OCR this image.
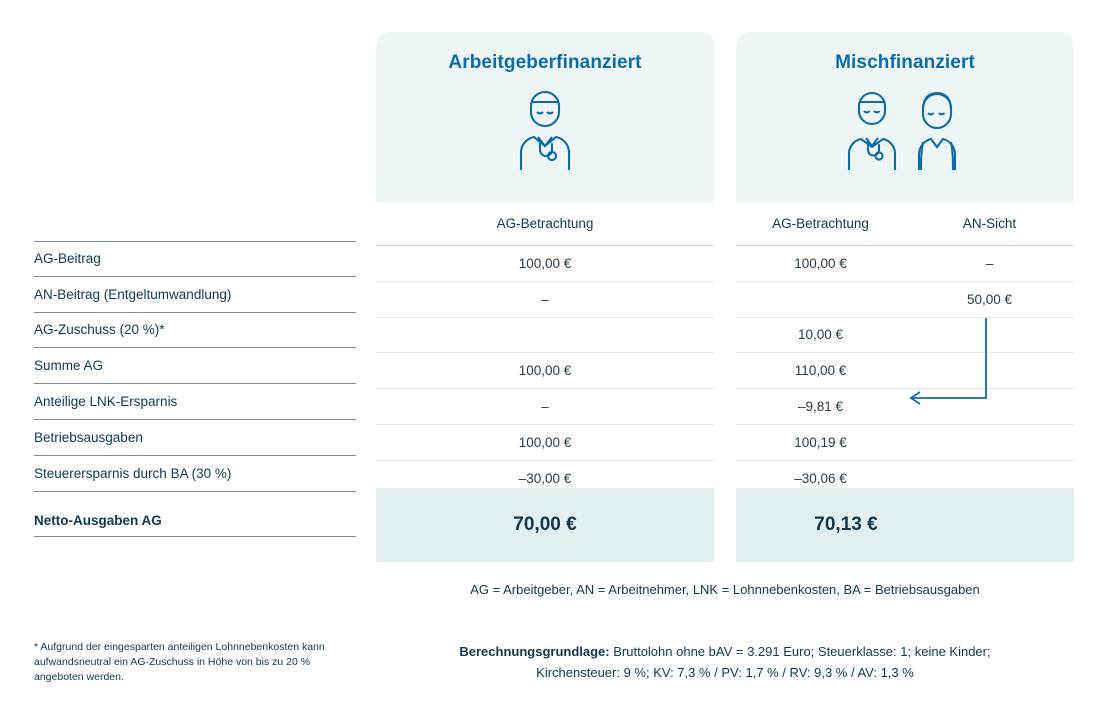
Arbeitgeberfinanziert
AG-Betrachtung
100,00 €
–
100,00 €
–
100,00 €
–30,00 €
70,00 €
Mischfinanziert
AG-Betrachtung	AN-Sicht
100,00 €	–
50,00 €
10,00 €
110,00 €
–9,81 €
100,19 €
–30,06 €
70,13 €
AG-Beitrag
AN-Beitrag (Entgeltumwandlung)
AG-Zuschuss (20 %)*
Summe AG
Anteilige LNK-Ersparnis
Betriebsausgaben
Steuerersparnis durch BA (30 %)
Netto-Ausgaben AG
AG = Arbeitgeber, AN = Arbeitnehmer, LNK = Lohnnebenkosten, BA = Betriebsausgaben
* Aufgrund der eingesparten anteiligen Lohnnebenkosten kann aufwandsneutral ein AG-Zuschuss in Höhe von bis zu 20 % angeboten werden.
Berechnungsgrundlage: Bruttolohn ohne bAV = 3.291 Euro; Steuerklasse: 1; keine Kinder;
Kirchensteuer: 9 %; KV: 7,3 % / PV: 1,7 % / RV: 9,3 % / AV: 1,3 %
